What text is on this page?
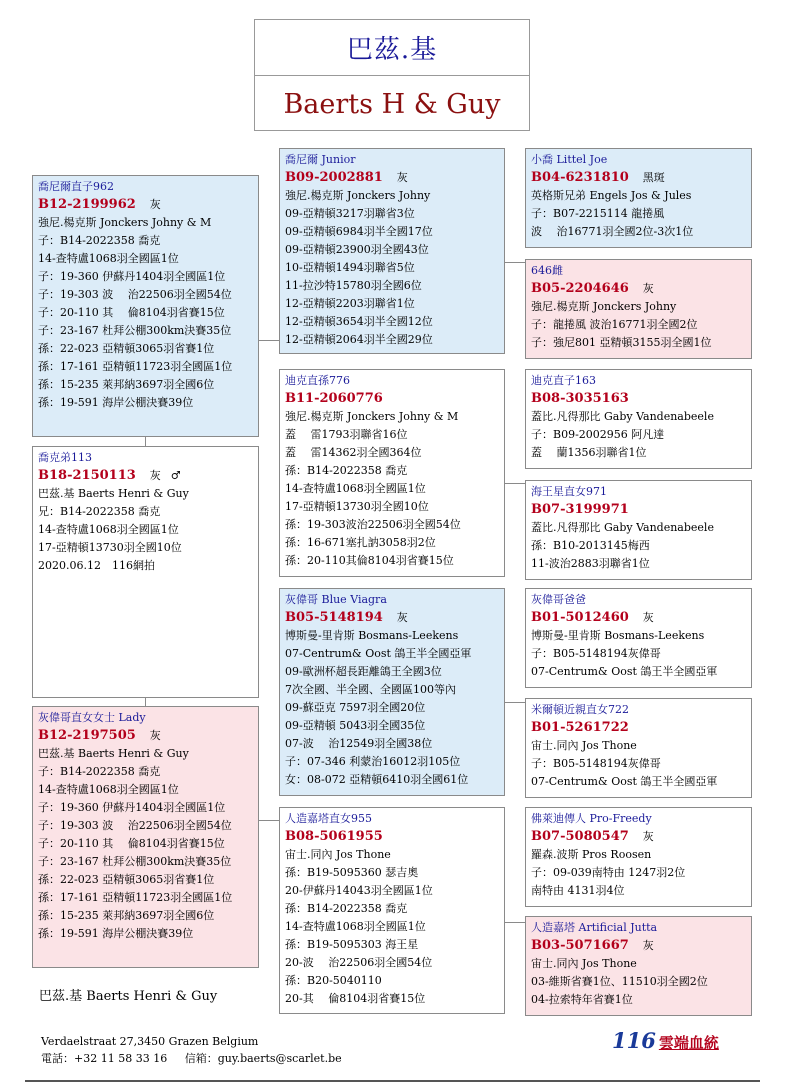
巴茲.基
Baerts H & Guy
喬尼爾直子962
B12-2199962 灰
強尼.楊克斯 Jonckers Johny & M
子：B14-2022358 喬克
14-查特盧1068羽全國區1位
子：19-360 伊蘇丹1404羽全國區1位
子：19-303 波　 治22506羽全國54位
子：20-110 其　 倫8104羽省賽15位
子：23-167 杜拜公棚300km決賽35位
孫：22-023 亞精頓3065羽省賽1位
孫：17-161 亞精頓11723羽全國區1位
孫：15-235 萊邦納3697羽全國6位
孫：19-591 海岸公棚決賽39位
喬克弟113
B18-2150113 灰 ♂
巴茲.基 Baerts Henri & Guy
兄：B14-2022358 喬克
14-查特盧1068羽全國區1位
17-亞精頓13730羽全國10位
2020.06.12　116網拍
灰偉哥直女女士 Lady
B12-2197505 灰
巴茲.基 Baerts Henri & Guy
子：B14-2022358 喬克
14-查特盧1068羽全國區1位
子：19-360 伊蘇丹1404羽全國區1位
子：19-303 波　 治22506羽全國54位
子：20-110 其　 倫8104羽省賽15位
子：23-167 杜拜公棚300km決賽35位
孫：22-023 亞精頓3065羽省賽1位
孫：17-161 亞精頓11723羽全國區1位
孫：15-235 萊邦納3697羽全國6位
孫：19-591 海岸公棚決賽39位
喬尼爾 Junior
B09-2002881 灰
強尼.楊克斯 Jonckers Johny
09-亞精頓3217羽聯省3位
09-亞精頓6984羽半全國17位
09-亞精頓23900羽全國43位
10-亞精頓1494羽聯省5位
11-拉沙特15780羽全國6位
12-亞精頓2203羽聯省1位
12-亞精頓3654羽半全國12位
12-亞精頓2064羽半全國29位
迪克直孫776
B11-2060776
強尼.楊克斯 Jonckers Johny & M
蓋　 雷1793羽聯省16位
蓋　 雷14362羽全國364位
孫：B14-2022358 喬克
14-查特盧1068羽全國區1位
17-亞精頓13730羽全國10位
孫：19-303波治22506羽全國54位
孫：16-671塞扎訥3058羽2位
孫：20-110其倫8104羽省賽15位
灰偉哥 Blue Viagra
B05-5148194 灰
博斯曼-里肯斯 Bosmans-Leekens
07-Centrum& Oost 鴿王半全國亞軍
09-歐洲杯超長距離鴿王全國3位
7次全國、半全國、全國區100等內
09-蘇亞克 7597羽全國20位
09-亞精頓 5043羽全國35位
07-波　 治12549羽全國38位
子：07-346 利蒙治16012羽105位
女：08-072 亞精頓6410羽全國61位
人造嘉塔直女955
B08-5061955
宙士.同內 Jos Thone
孫：B19-5095360 瑟吉奧
20-伊蘇丹14043羽全國區1位
孫：B14-2022358 喬克
14-查特盧1068羽全國區1位
孫：B19-5095303 海王星
20-波　 治22506羽全國54位
孫：B20-5040110
20-其　 倫8104羽省賽15位
小喬 Littel Joe
B04-6231810 黑斑
英格斯兄弟 Engels Jos & Jules
子：B07-2215114 龍捲風
波　 治16771羽全國2位-3次1位
646雌
B05-2204646 灰
強尼.楊克斯 Jonckers Johny
子：龍捲風 波治16771羽全國2位
子：強尼801 亞精頓3155羽全國1位
迪克直子163
B08-3035163
蓋比.凡得那比 Gaby Vandenabeele
子：B09-2002956 阿凡達
蓋　 蘭1356羽聯省1位
海王星直女971
B07-3199971
蓋比.凡得那比 Gaby Vandenabeele
孫：B10-2013145梅西
11-波治2883羽聯省1位
灰偉哥爸爸
B01-5012460 灰
博斯曼-里肯斯 Bosmans-Leekens
子：B05-5148194灰偉哥
07-Centrum& Oost 鴿王半全國亞軍
米爾頓近親直女722
B01-5261722
宙士.同內 Jos Thone
子：B05-5148194灰偉哥
07-Centrum& Oost 鴿王半全國亞軍
佛萊迪傳人 Pro-Freedy
B07-5080547 灰
羅森.波斯 Pros Roosen
子：09-039南特由 1247羽2位
南特由 4131羽4位
人造嘉塔 Artificial Jutta
B03-5071667 灰
宙士.同內 Jos Thone
03-維斯省賽1位、11510羽全國2位
04-拉索特年省賽1位
巴茲.基 Baerts Henri & Guy
Verdaelstraat 27,3450 Grazen Belgium
電話：+32 11 58 33 16 信箱：guy.baerts@scarlet.be
116 雲端血統
